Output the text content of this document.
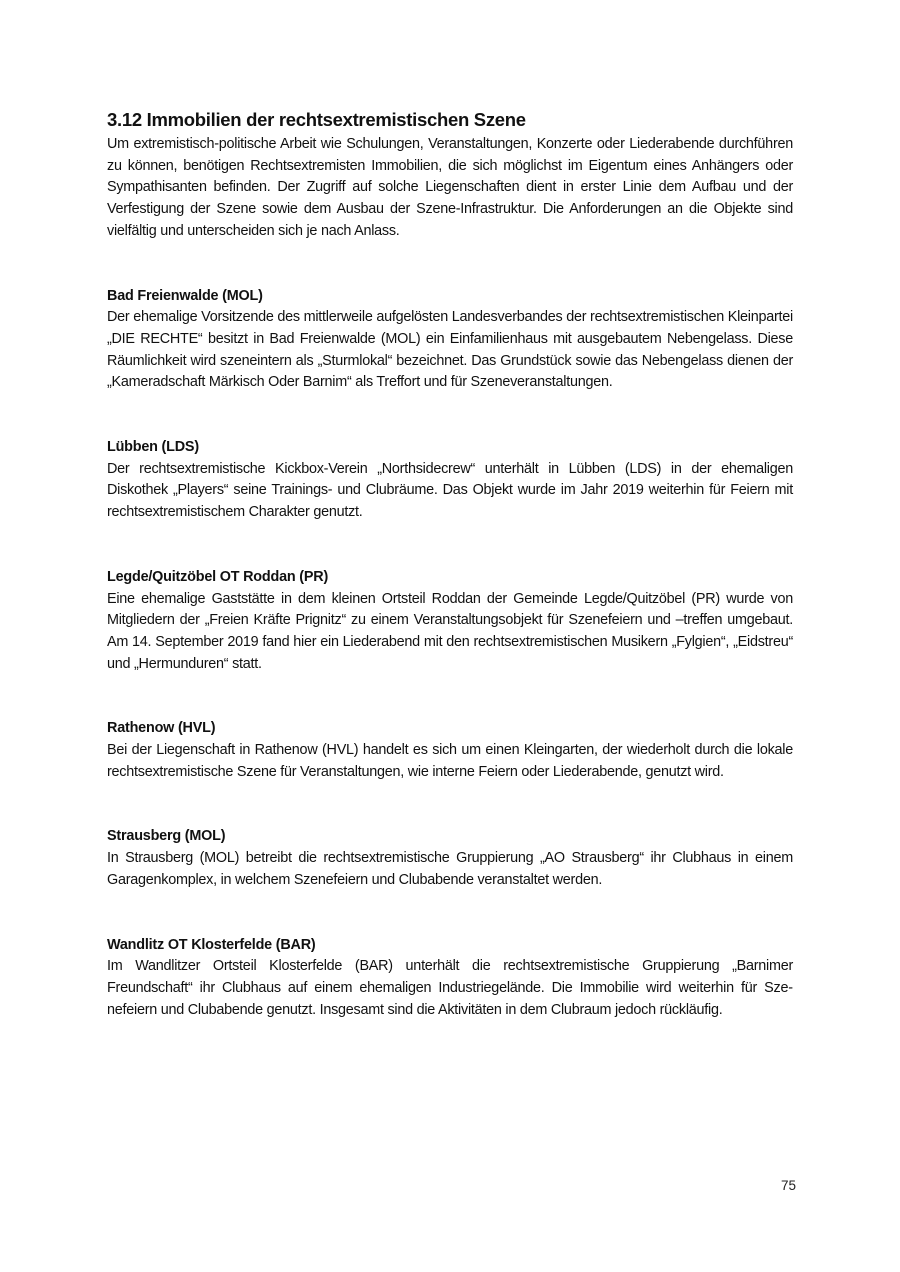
3.12 Immobilien der rechtsextremistischen Szene

Um extremistisch-politische Arbeit wie Schulungen, Veranstaltungen, Konzerte oder Liederabende durchführen zu können, benötigen Rechtsextremisten Immobilien, die sich möglichst im Eigentum eines Anhängers oder Sympathisanten befinden. Der Zugriff auf solche Liegenschaften dient in erster Linie dem Aufbau und der Verfestigung der Szene sowie dem Ausbau der Szene-Infrastruktur. Die Anforderungen an die Objekte sind vielfältig und unterscheiden sich je nach Anlass.

Bad Freienwalde (MOL)

Der ehemalige Vorsitzende des mittlerweile aufgelösten Landesverbandes der rechtsextremistischen Kleinpartei „DIE RECHTE“ besitzt in Bad Freienwalde (MOL) ein Einfamilienhaus mit ausgebautem Nebengelass. Diese Räumlichkeit wird szeneintern als „Sturmlokal“ bezeichnet. Das Grundstück sowie das Nebengelass dienen der „Kameradschaft Märkisch Oder Barnim“ als Treffort und für Szeneveranstaltungen.

Lübben (LDS)

Der rechtsextremistische Kickbox-Verein „Northsidecrew“ unterhält in Lübben (LDS) in der ehemaligen Diskothek „Players“ seine Trainings- und Clubräume. Das Objekt wurde im Jahr 2019 weiterhin für Feiern mit rechtsextremistischem Charakter genutzt.

Legde/Quitzöbel OT Roddan (PR)

Eine ehemalige Gaststätte in dem kleinen Ortsteil Roddan der Gemeinde Legde/Quitzöbel (PR) wurde von Mitgliedern der „Freien Kräfte Prignitz“ zu einem Veranstaltungsobjekt für Szenefeiern und –treffen umgebaut. Am 14. September 2019 fand hier ein Liederabend mit den rechtsextremistischen Musikern „Fylgien“, „Eidstreu“ und „Hermunduren“ statt.

Rathenow (HVL)

Bei der Liegenschaft in Rathenow (HVL) handelt es sich um einen Kleingarten, der wiederholt durch die lokale rechtsextremistische Szene für Veranstaltungen, wie interne Feiern oder Liederabende, genutzt wird.

Strausberg (MOL)

In Strausberg (MOL) betreibt die rechtsextremistische Gruppierung „AO Strausberg“ ihr Clubhaus in einem Garagenkomplex, in welchem Szenefeiern und Clubabende veranstaltet werden.

Wandlitz OT Klosterfelde (BAR)

Im Wandlitzer Ortsteil Klosterfelde (BAR) unterhält die rechtsextremistische Gruppierung „Barnimer Freundschaft“ ihr Clubhaus auf einem ehemaligen Industriegelände. Die Immobilie wird weiterhin für Szenefeiern und Clubabende genutzt. Insgesamt sind die Aktivitäten in dem Clubraum jedoch rückläufig.

75
